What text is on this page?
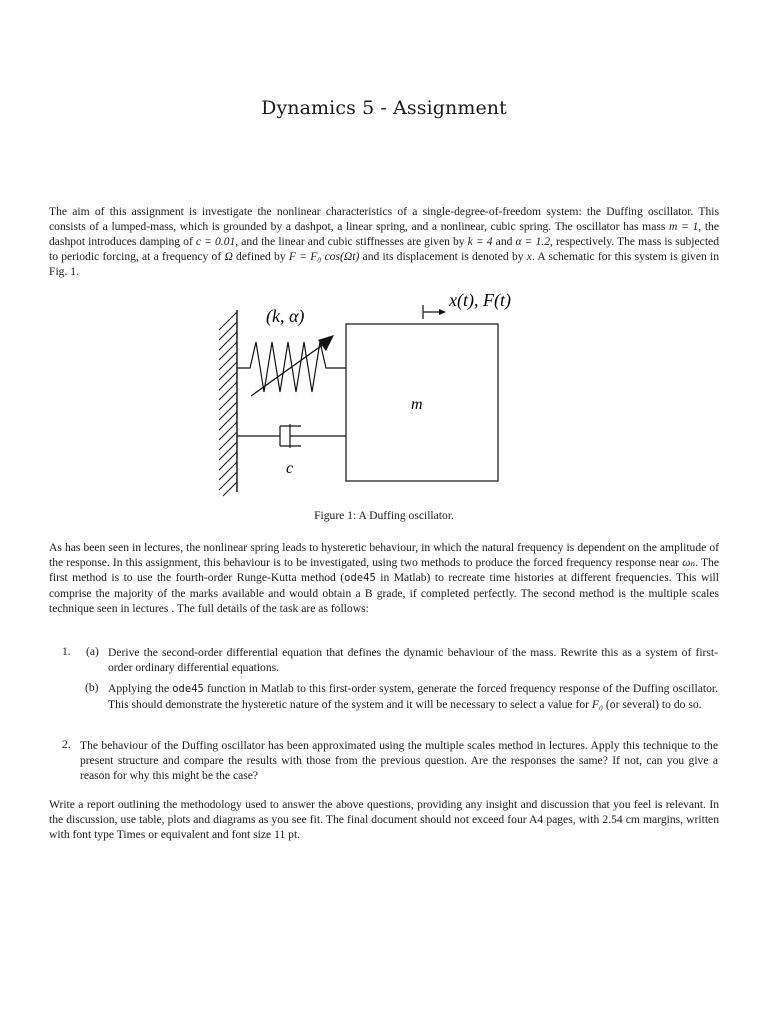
Dynamics 5 - Assignment
The aim of this assignment is investigate the nonlinear characteristics of a single-degree-of-freedom system: the Duffing oscillator. This consists of a lumped-mass, which is grounded by a dashpot, a linear spring, and a nonlinear, cubic spring. The oscillator has mass m = 1, the dashpot introduces damping of c = 0.01, and the linear and cubic stiffnesses are given by k = 4 and α = 1.2, respectively. The mass is subjected to periodic forcing, at a frequency of Ω defined by F = F₀ cos(Ωt) and its displacement is denoted by x. A schematic for this system is given in Fig. 1.
(k, α)
x(t), F(t)
m
c
Figure 1: A Duffing oscillator.
As has been seen in lectures, the nonlinear spring leads to hysteretic behaviour, in which the natural frequency is dependent on the amplitude of the response. In this assignment, this behaviour is to be investigated, using two methods to produce the forced frequency response near ωₙ. The first method is to use the fourth-order Runge-Kutta method (ode45 in Matlab) to recreate time histories at different frequencies. This will comprise the majority of the marks available and would obtain a B grade, if completed perfectly. The second method is the multiple scales technique seen in lectures . The full details of the task are as follows:
1. (a) Derive the second-order differential equation that defines the dynamic behaviour of the mass. Rewrite this as a system of first-order ordinary differential equations.
(b) Applying the ode45 function in Matlab to this first-order system, generate the forced frequency response of the Duffing oscillator. This should demonstrate the hysteretic nature of the system and it will be necessary to select a value for F₀ (or several) to do so.
2. The behaviour of the Duffing oscillator has been approximated using the multiple scales method in lectures. Apply this technique to the present structure and compare the results with those from the previous question. Are the responses the same? If not, can you give a reason for why this might be the case?
Write a report outlining the methodology used to answer the above questions, providing any insight and discussion that you feel is relevant. In the discussion, use table, plots and diagrams as you see fit. The final document should not exceed four A4 pages, with 2.54 cm margins, written with font type Times or equivalent and font size 11 pt.
